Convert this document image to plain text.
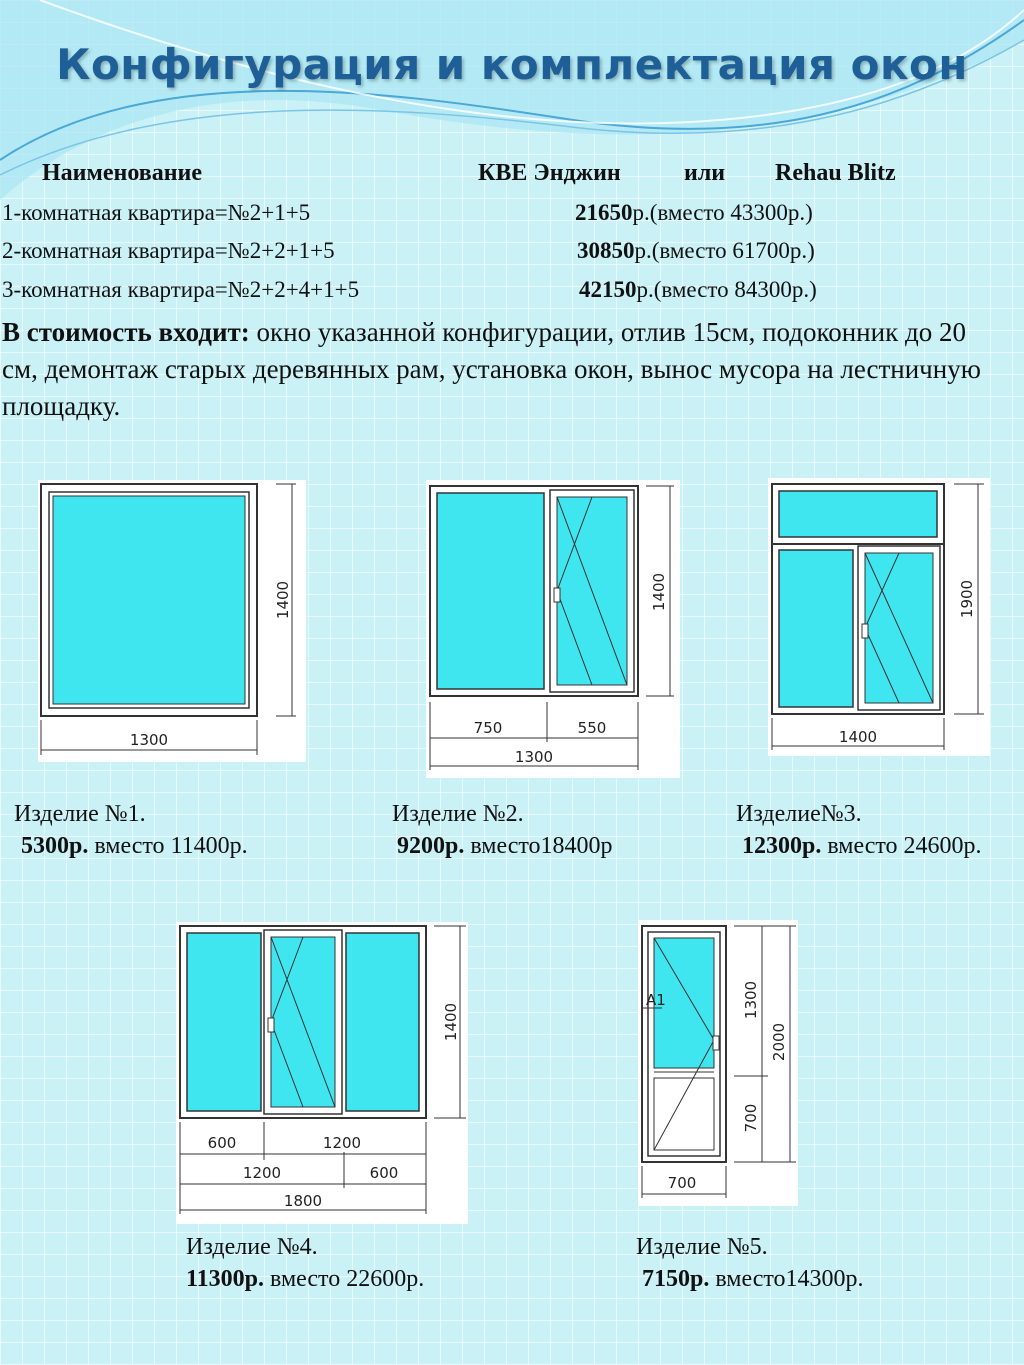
Конфигурация и комплектация окон
Наименование	КВЕ Энджин	или Rehau Blitz
1-комнатная квартира=№2+1+5	21650р.(вместо 43300р.)
2-комнатная квартира=№2+2+1+5	30850р.(вместо 61700р.)
3-комнатная квартира=№2+2+4+1+5	42150р.(вместо 84300р.)
В стоимость входит: окно указанной конфигурации, отлив 15см, подоконник до 20 см, демонтаж старых деревянных рам, установка окон, вынос мусора на лестничную площадку.
1400
1300
Изделие №1.
5300р. вместо 11400р.
1400
750	550
1300
Изделие №2.
9200р. вместо18400р
1900
1400
Изделие№3.
12300р. вместо 24600р.
1400
600	1200
1200	600
1800
Изделие №4.
11300р. вместо 22600р.
A1	1300
700
2000
700
Изделие №5.
7150р. вместо14300р.
